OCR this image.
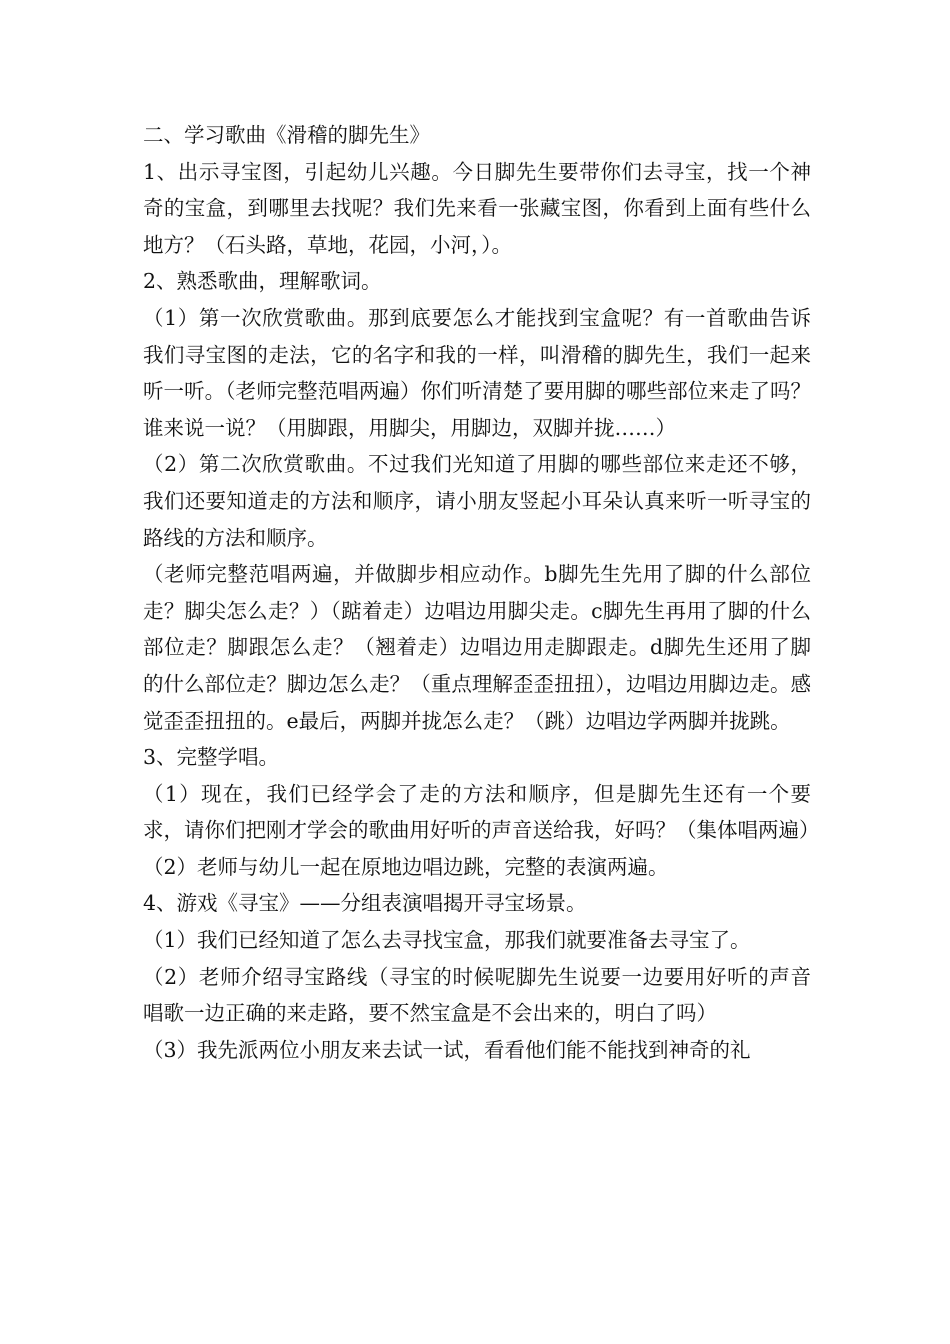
二、学习歌曲《滑稽的脚先生》

1、出示寻宝图，引起幼儿兴趣。今日脚先生要带你们去寻宝，找一个神奇的宝盒，到哪里去找呢？我们先来看一张藏宝图，你看到上面有些什么地方？（石头路，草地，花园，小河，）。

2、熟悉歌曲，理解歌词。

（1）第一次欣赏歌曲。那到底要怎么才能找到宝盒呢？有一首歌曲告诉我们寻宝图的走法，它的名字和我的一样，叫滑稽的脚先生，我们一起来听一听。（老师完整范唱两遍）你们听清楚了要用脚的哪些部位来走了吗？谁来说一说？（用脚跟，用脚尖，用脚边，双脚并拢……）

（2）第二次欣赏歌曲。不过我们光知道了用脚的哪些部位来走还不够，我们还要知道走的方法和顺序，请小朋友竖起小耳朵认真来听一听寻宝的路线的方法和顺序。

（老师完整范唱两遍，并做脚步相应动作。b脚先生先用了脚的什么部位走？脚尖怎么走？）（踮着走）边唱边用脚尖走。c脚先生再用了脚的什么部位走？脚跟怎么走？（翘着走）边唱边用走脚跟走。d脚先生还用了脚的什么部位走？脚边怎么走？（重点理解歪歪扭扭），边唱边用脚边走。感觉歪歪扭扭的。e最后，两脚并拢怎么走？（跳）边唱边学两脚并拢跳。

3、完整学唱。

（1）现在，我们已经学会了走的方法和顺序，但是脚先生还有一个要求，请你们把刚才学会的歌曲用好听的声音送给我，好吗？（集体唱两遍）

（2）老师与幼儿一起在原地边唱边跳，完整的表演两遍。

4、游戏《寻宝》——分组表演唱揭开寻宝场景。

（1）我们已经知道了怎么去寻找宝盒，那我们就要准备去寻宝了。

（2）老师介绍寻宝路线（寻宝的时候呢脚先生说要一边要用好听的声音唱歌一边正确的来走路，要不然宝盒是不会出来的，明白了吗）

（3）我先派两位小朋友来去试一试，看看他们能不能找到神奇的礼
